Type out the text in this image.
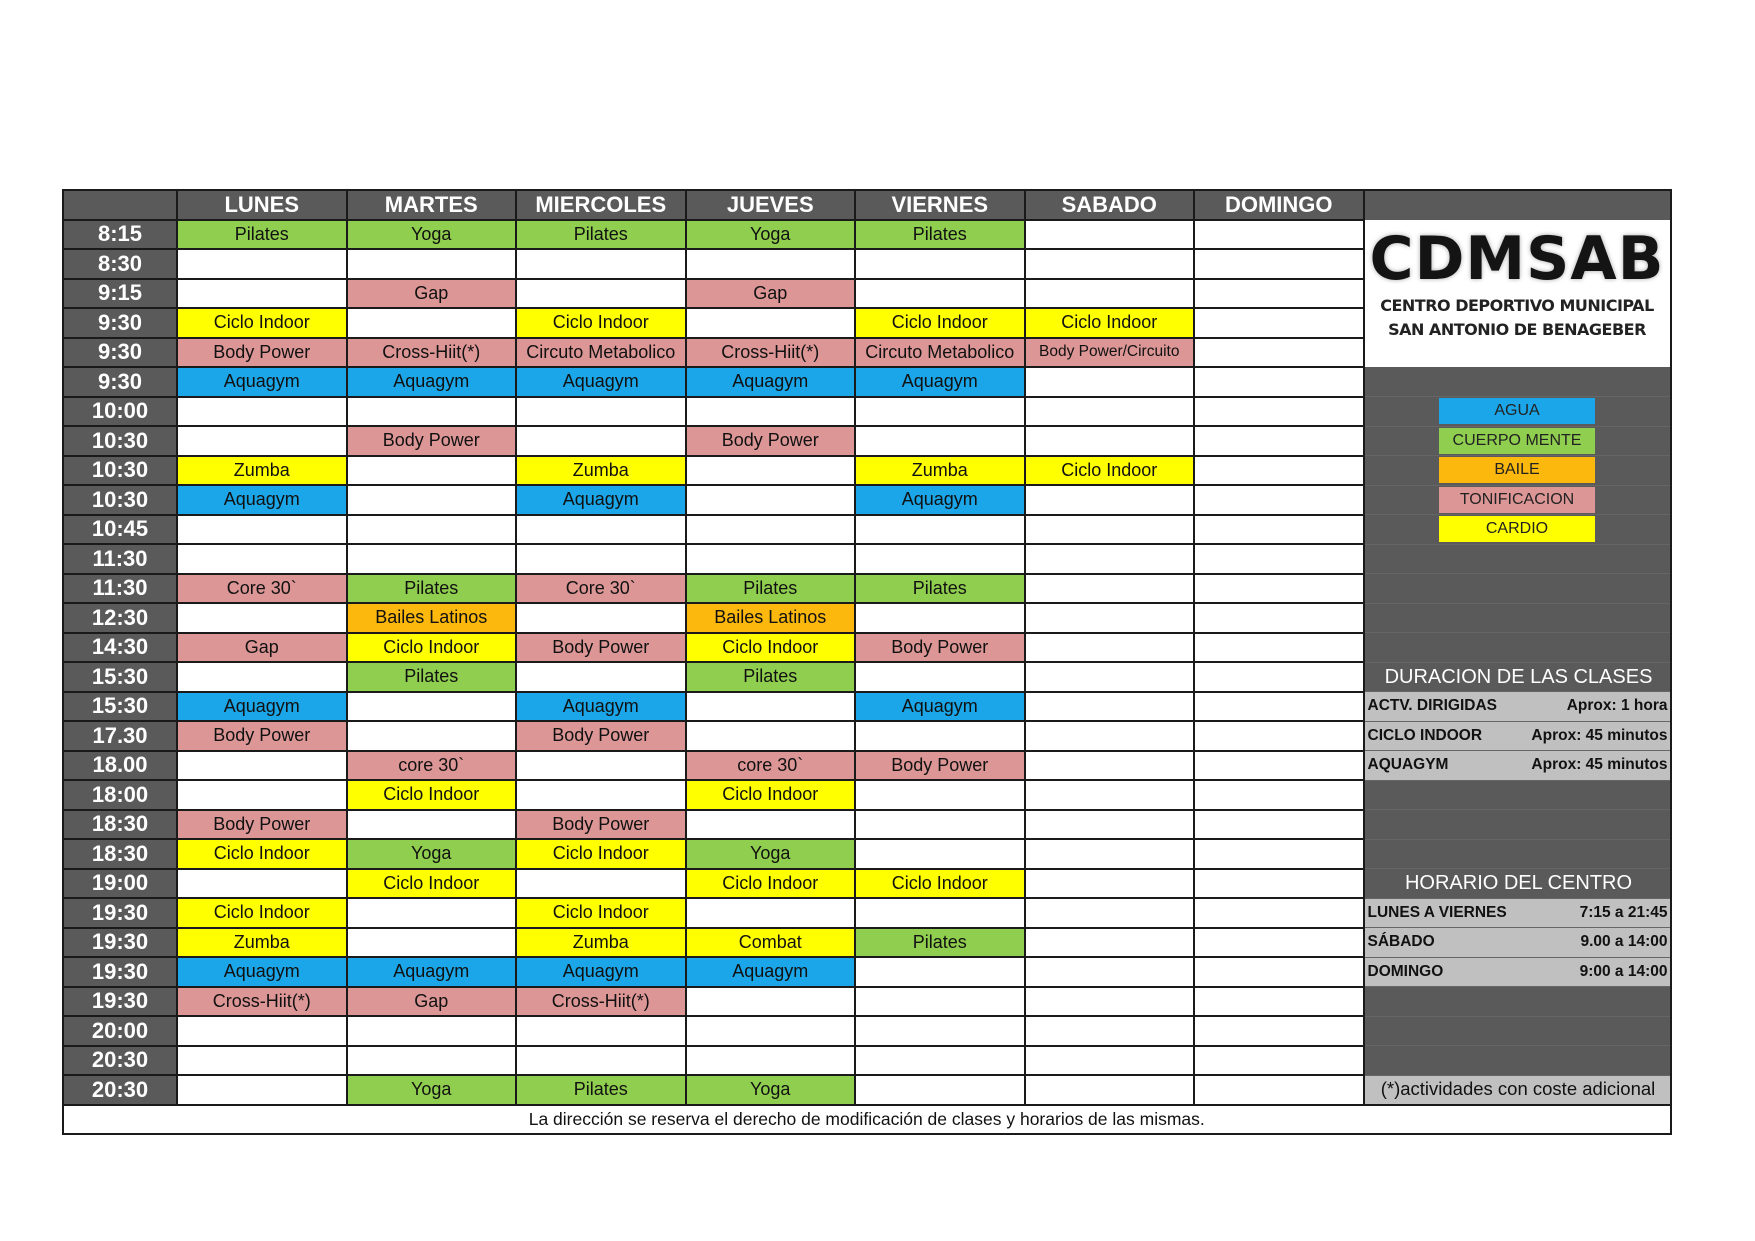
	LUNES	MARTES	MIERCOLES	JUEVES	VIERNES	SABADO	DOMINGO	
8:15	Pilates	Yoga	Pilates	Yoga	Pilates			CDMSAB
CENTRO DEPORTIVO MUNICIPAL
SAN ANTONIO DE BENAGEBER

8:30								
9:15		Gap		Gap				
9:30	Ciclo Indoor		Ciclo Indoor		Ciclo Indoor	Ciclo Indoor		
9:30	Body Power	Cross-Hiit(*)	Circuto Metabolico	Cross-Hiit(*)	Circuto Metabolico	Body Power/Circuito		
9:30	Aquagym	Aquagym	Aquagym	Aquagym	Aquagym			
10:00								AGUA
10:30		Body Power		Body Power				CUERPO MENTE
10:30	Zumba		Zumba		Zumba	Ciclo Indoor		BAILE
10:30	Aquagym		Aquagym		Aquagym			TONIFICACION
10:45								CARDIO
11:30								
11:30	Core 30`	Pilates	Core 30`	Pilates	Pilates			
12:30		Bailes Latinos		Bailes Latinos				
14:30	Gap	Ciclo Indoor	Body Power	Ciclo Indoor	Body Power			
15:30		Pilates		Pilates				DURACION DE LAS CLASES

15:30	Aquagym		Aquagym		Aquagym			ACTV. DIRIGIDAS Aprox: 1 hora

17.30	Body Power		Body Power					CICLO INDOOR Aprox: 45 minutos

18.00		core 30`		core 30`	Body Power			AQUAGYM Aprox: 45 minutos

18:00		Ciclo Indoor		Ciclo Indoor				
18:30	Body Power		Body Power					
18:30	Ciclo Indoor	Yoga	Ciclo Indoor	Yoga				
19:00		Ciclo Indoor		Ciclo Indoor	Ciclo Indoor			HORARIO DEL CENTRO

19:30	Ciclo Indoor		Ciclo Indoor					LUNES A VIERNES 7:15 a 21:45

19:30	Zumba		Zumba	Combat	Pilates			SÁBADO 9.00 a 14:00

19:30	Aquagym	Aquagym	Aquagym	Aquagym				DOMINGO 9:00 a 14:00

19:30	Cross-Hiit(*)	Gap	Cross-Hiit(*)					
20:00								
20:30								
20:30		Yoga	Pilates	Yoga				(*)actividades con coste adicional

La dirección se reserva el derecho de modificación de clases y horarios de las mismas.								
